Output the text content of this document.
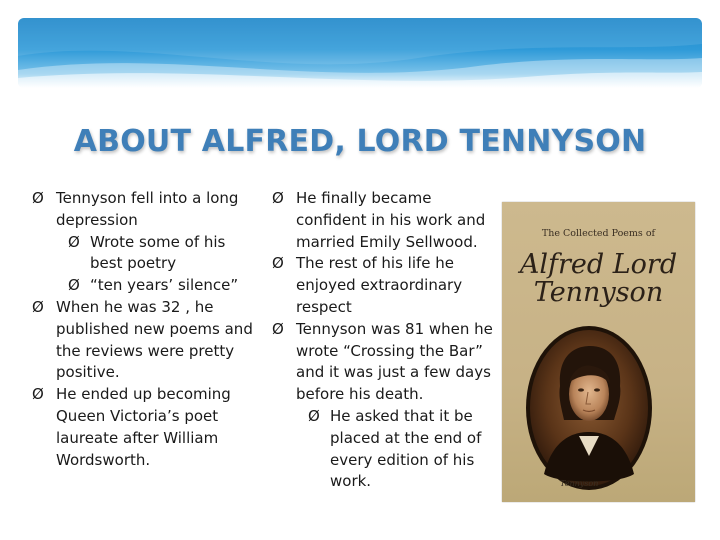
ABOUT ALFRED, LORD TENNYSON
Ø Tennyson fell into a long depression
Ø Wrote some of his best poetry
Ø “ten years’ silence”
Ø When he was 32 , he published new poems and the reviews were pretty positive.
Ø He ended up becoming Queen Victoria’s poet laureate after William Wordsworth.
Ø He finally became confident in his work and married Emily Sellwood.
Ø The rest of his life he enjoyed extraordinary respect
Ø Tennyson was 81 when he wrote “Crossing the Bar” and it was just a few days before his death.
Ø He asked that it be placed at the end of every edition of his work.
The Collected Poems of
Alfred Lord
Tennyson
Tennyson
